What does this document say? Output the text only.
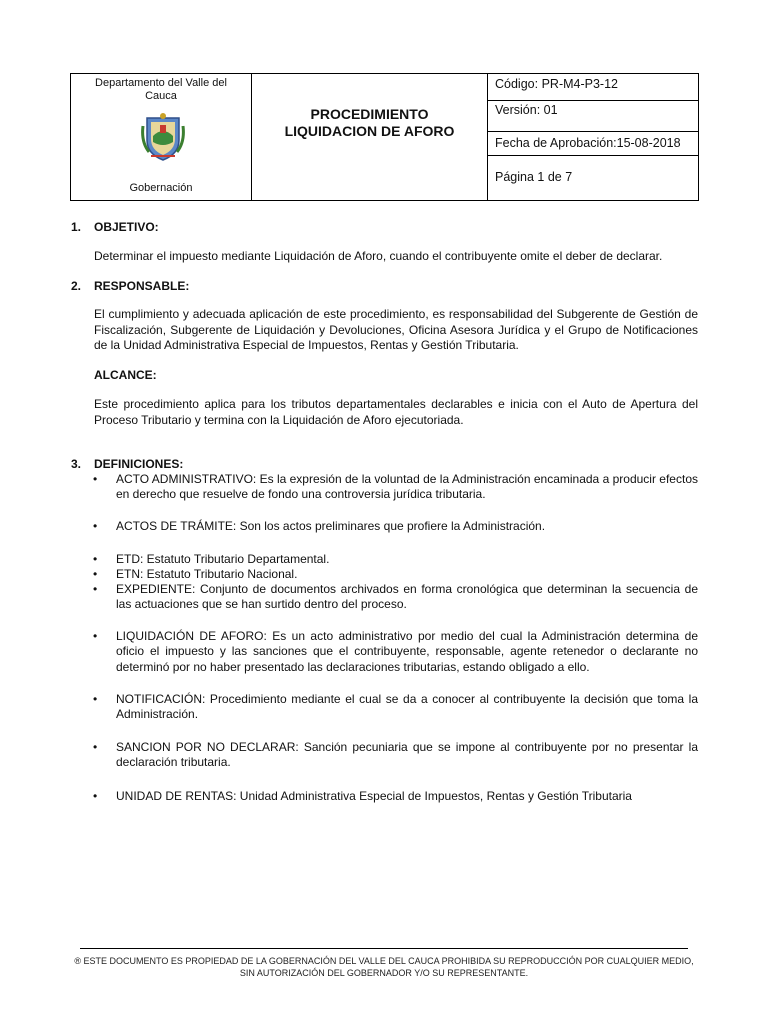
Departamento del Valle del Cauca
Gobernación
PROCEDIMIENTO
LIQUIDACION DE AFORO
Código: PR-M4-P3-12
Versión: 01
Fecha de Aprobación:15-08-2018
Página 1 de 7
1. OBJETIVO:
Determinar el impuesto mediante Liquidación de Aforo, cuando el contribuyente omite el deber de declarar.
2. RESPONSABLE:
El cumplimiento y adecuada aplicación de este procedimiento, es responsabilidad del Subgerente de Gestión de Fiscalización, Subgerente de Liquidación y Devoluciones, Oficina Asesora Jurídica y el Grupo de Notificaciones de la Unidad Administrativa Especial de Impuestos, Rentas y Gestión Tributaria.
ALCANCE:
Este procedimiento aplica para los tributos departamentales declarables e inicia con el Auto de Apertura del Proceso Tributario y termina con la Liquidación de Aforo ejecutoriada.
3. DEFINICIONES:
• ACTO ADMINISTRATIVO: Es la expresión de la voluntad de la Administración encaminada a producir efectos en derecho que resuelve de fondo una controversia jurídica tributaria.
• ACTOS DE TRÁMITE: Son los actos preliminares que profiere la Administración.
• ETD: Estatuto Tributario Departamental.
• ETN: Estatuto Tributario Nacional.
• EXPEDIENTE: Conjunto de documentos archivados en forma cronológica que determinan la secuencia de las actuaciones que se han surtido dentro del proceso.
• LIQUIDACIÓN DE AFORO: Es un acto administrativo por medio del cual la Administración determina de oficio el impuesto y las sanciones que el contribuyente, responsable, agente retenedor o declarante no determinó por no haber presentado las declaraciones tributarias, estando obligado a ello.
• NOTIFICACIÓN: Procedimiento mediante el cual se da a conocer al contribuyente la decisión que toma la Administración.
• SANCION POR NO DECLARAR: Sanción pecuniaria que se impone al contribuyente por no presentar la declaración tributaria.
• UNIDAD DE RENTAS: Unidad Administrativa Especial de Impuestos, Rentas y Gestión Tributaria
® ESTE DOCUMENTO ES PROPIEDAD DE LA GOBERNACIÓN DEL VALLE DEL CAUCA PROHIBIDA SU REPRODUCCIÓN POR CUALQUIER MEDIO, SIN AUTORIZACIÓN DEL GOBERNADOR Y/O SU REPRESENTANTE.
